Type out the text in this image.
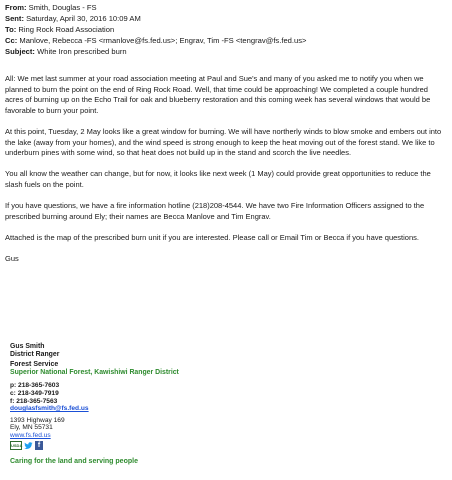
From: Smith, Douglas - FS
Sent: Saturday, April 30, 2016 10:09 AM
To: Ring Rock Road Association
Cc: Manlove, Rebecca -FS <rmanlove@fs.fed.us>; Engrav, Tim -FS <tengrav@fs.fed.us>
Subject: White Iron prescribed burn

All: We met last summer at your road association meeting at Paul and Sue's and many of you asked me to notify you when we planned to burn the point on the end of Ring Rock Road. Well, that time could be approaching! We completed a couple hundred acres of burning up on the Echo Trail for oak and blueberry restoration and this coming week has several windows that would be favorable to burn your point.

At this point, Tuesday, 2 May looks like a great window for burning. We will have northerly winds to blow smoke and embers out into the lake (away from your homes), and the wind speed is strong enough to keep the heat moving out of the forest stand. We like to underburn pines with some wind, so that heat does not build up in the stand and scorch the live needles.

You all know the weather can change, but for now, it looks like next week (1 May) could provide great opportunities to reduce the slash fuels on the point.

If you have questions, we have a fire information hotline (218)208-4544. We have two Fire Information Officers assigned to the prescribed burning around Ely; their names are Becca Manlove and Tim Engrav.

Attached is the map of the prescribed burn unit if you are interested. Please call or Email Tim or Becca if you have questions.

Gus

Gus Smith
District Ranger
Forest Service
Superior National Forest, Kawishiwi Ranger District
p: 218-365-7603
c: 218-349-7919
f: 218-365-7563
douglasfsmith@fs.fed.us
1393 Highway 169
Ely, MN 55731
www.fs.fed.us
USDA	f
Caring for the land and serving people
